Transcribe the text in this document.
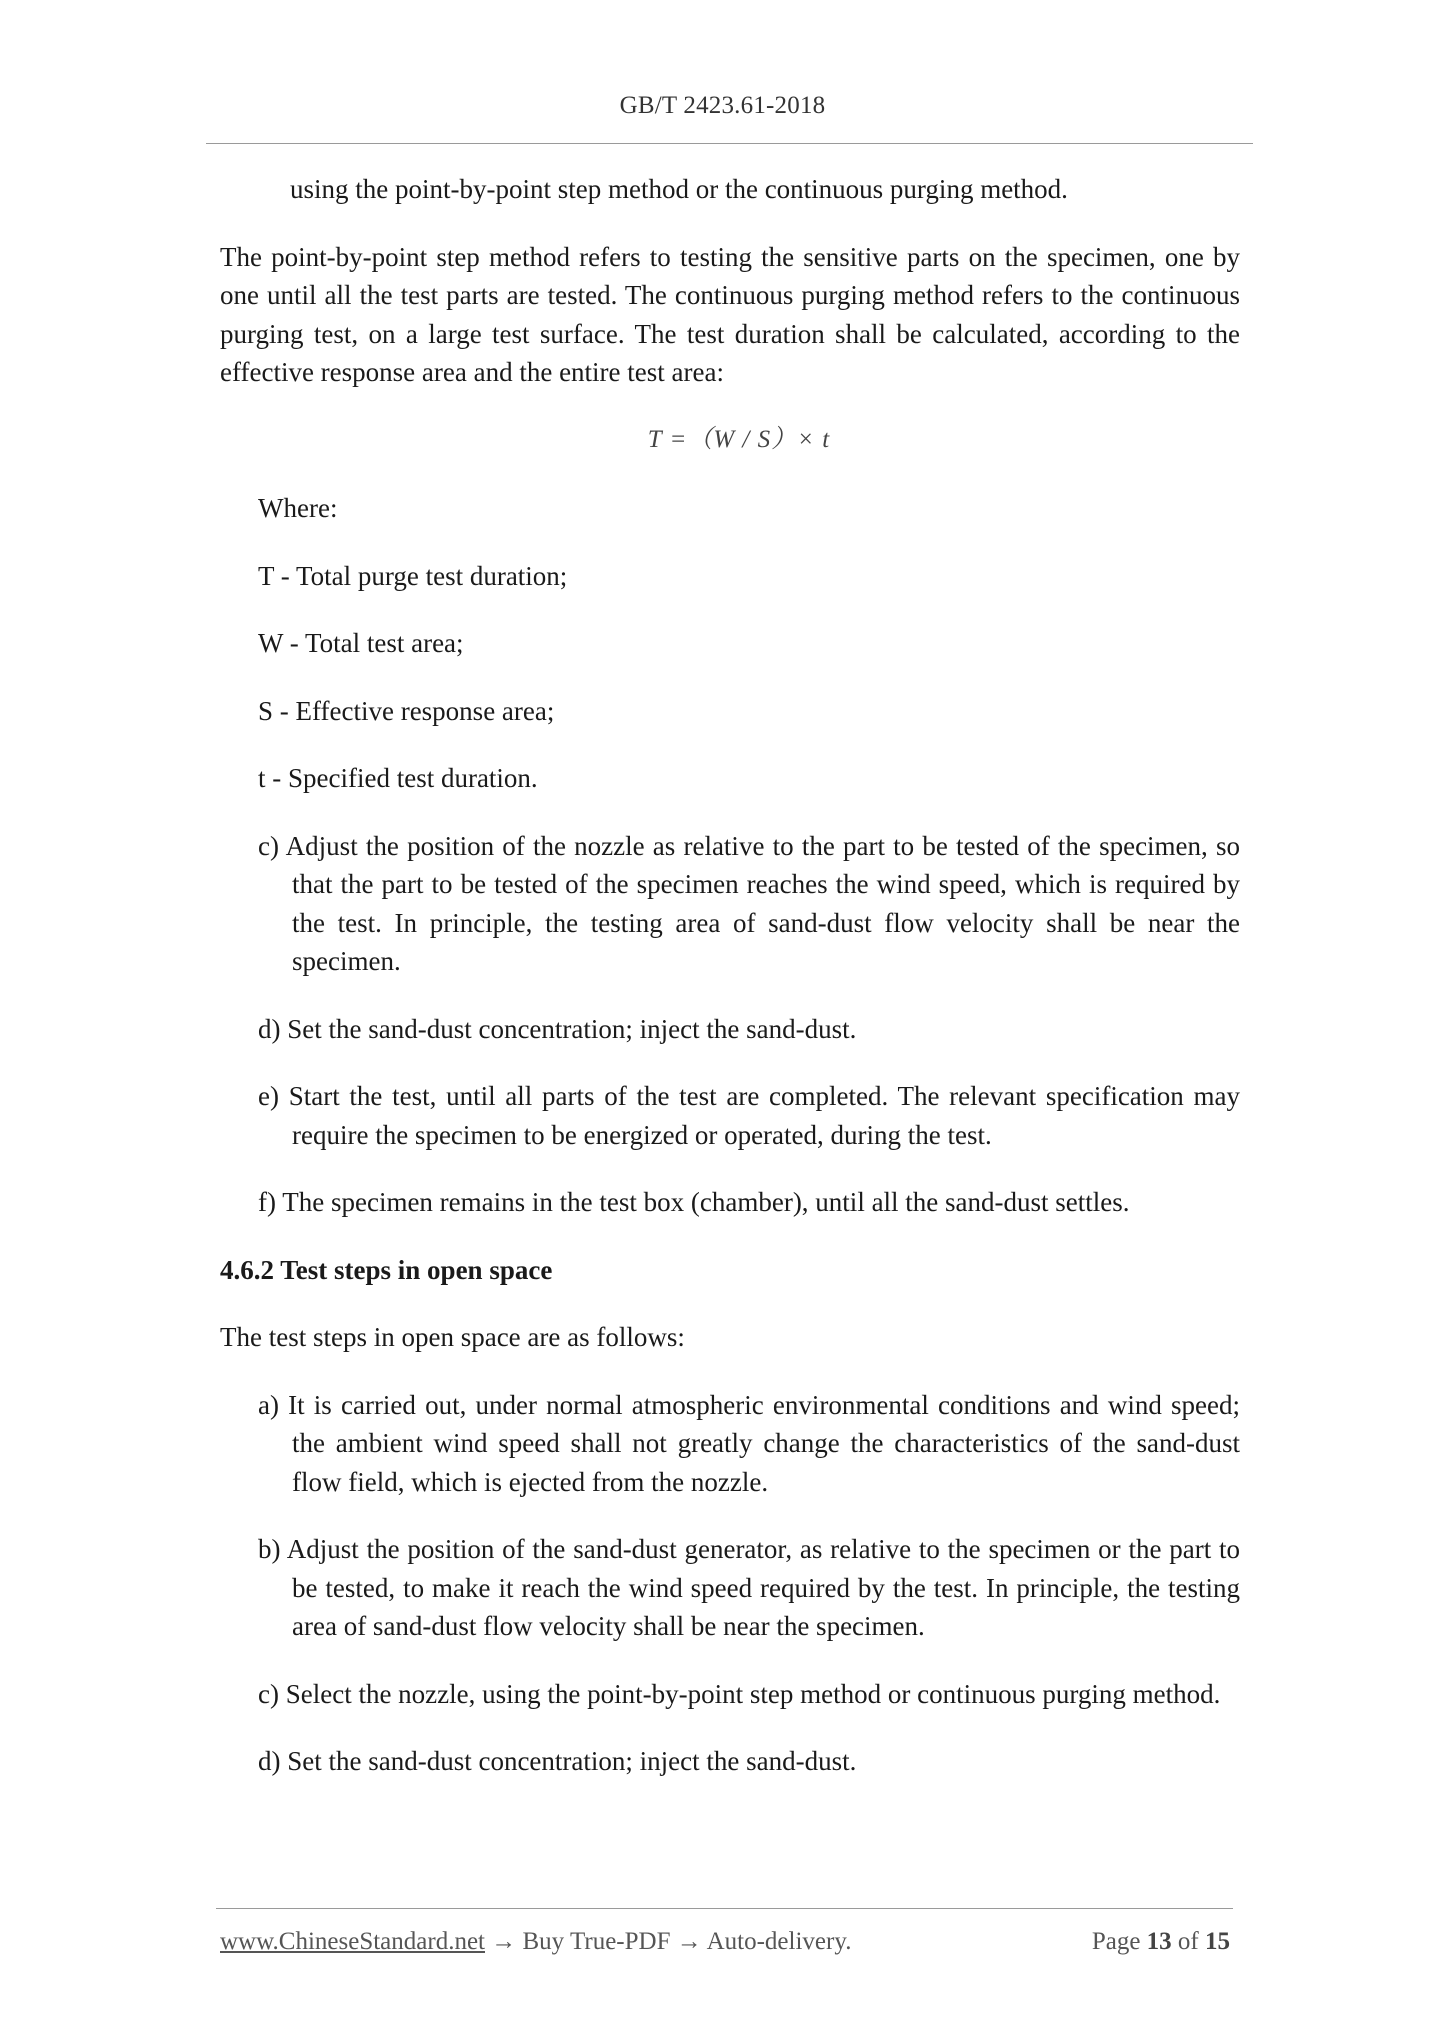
GB/T 2423.61-2018
using the point-by-point step method or the continuous purging method.
The point-by-point step method refers to testing the sensitive parts on the specimen, one by one until all the test parts are tested. The continuous purging method refers to the continuous purging test, on a large test surface. The test duration shall be calculated, according to the effective response area and the entire test area:
T =（W / S）× t
Where:
T - Total purge test duration;
W - Total test area;
S - Effective response area;
t - Specified test duration.
c) Adjust the position of the nozzle as relative to the part to be tested of the specimen, so that the part to be tested of the specimen reaches the wind speed, which is required by the test. In principle, the testing area of sand-dust flow velocity shall be near the specimen.
d) Set the sand-dust concentration; inject the sand-dust.
e) Start the test, until all parts of the test are completed. The relevant specification may require the specimen to be energized or operated, during the test.
f) The specimen remains in the test box (chamber), until all the sand-dust settles.
4.6.2 Test steps in open space
The test steps in open space are as follows:
a) It is carried out, under normal atmospheric environmental conditions and wind speed; the ambient wind speed shall not greatly change the characteristics of the sand-dust flow field, which is ejected from the nozzle.
b) Adjust the position of the sand-dust generator, as relative to the specimen or the part to be tested, to make it reach the wind speed required by the test. In principle, the testing area of sand-dust flow velocity shall be near the specimen.
c) Select the nozzle, using the point-by-point step method or continuous purging method.
d) Set the sand-dust concentration; inject the sand-dust.
www.ChineseStandard.net → Buy True-PDF → Auto-delivery.	Page 13 of 15
